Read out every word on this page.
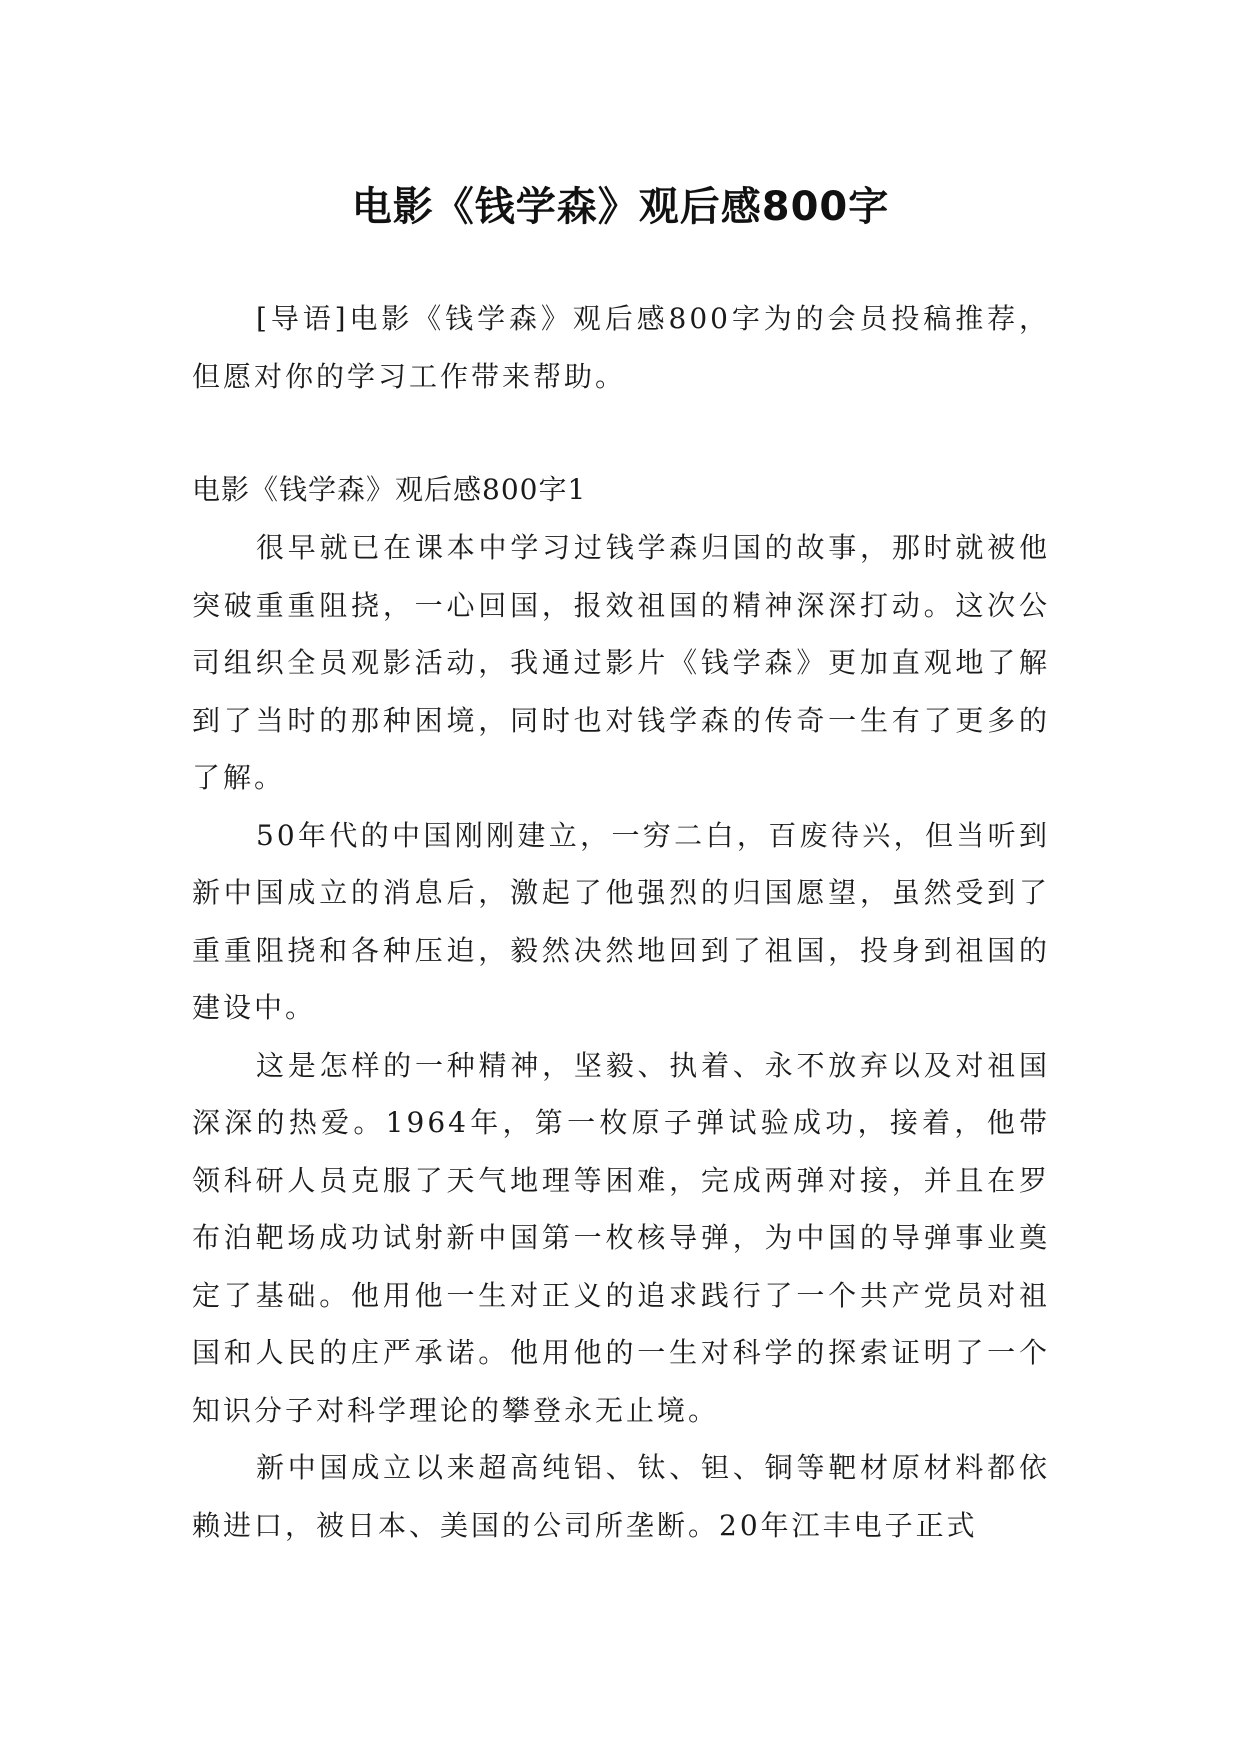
电影《钱学森》观后感800字
[导语]电影《钱学森》观后感800字为的会员投稿推荐，但愿对你的学习工作带来帮助。
电影《钱学森》观后感800字1

很早就已在课本中学习过钱学森归国的故事，那时就被他突破重重阻挠，一心回国，报效祖国的精神深深打动。这次公司组织全员观影活动，我通过影片《钱学森》更加直观地了解到了当时的那种困境，同时也对钱学森的传奇一生有了更多的了解。

50年代的中国刚刚建立，一穷二白，百废待兴，但当听到新中国成立的消息后，激起了他强烈的归国愿望，虽然受到了重重阻挠和各种压迫，毅然决然地回到了祖国，投身到祖国的建设中。

这是怎样的一种精神，坚毅、执着、永不放弃以及对祖国深深的热爱。1964年，第一枚原子弹试验成功，接着，他带领科研人员克服了天气地理等困难，完成两弹对接，并且在罗布泊靶场成功试射新中国第一枚核导弹，为中国的导弹事业奠定了基础。他用他一生对正义的追求践行了一个共产党员对祖国和人民的庄严承诺。他用他的一生对科学的探索证明了一个知识分子对科学理论的攀登永无止境。

新中国成立以来超高纯铝、钛、钽、铜等靶材原材料都依赖进口，被日本、美国的公司所垄断。20年江丰电子正式
